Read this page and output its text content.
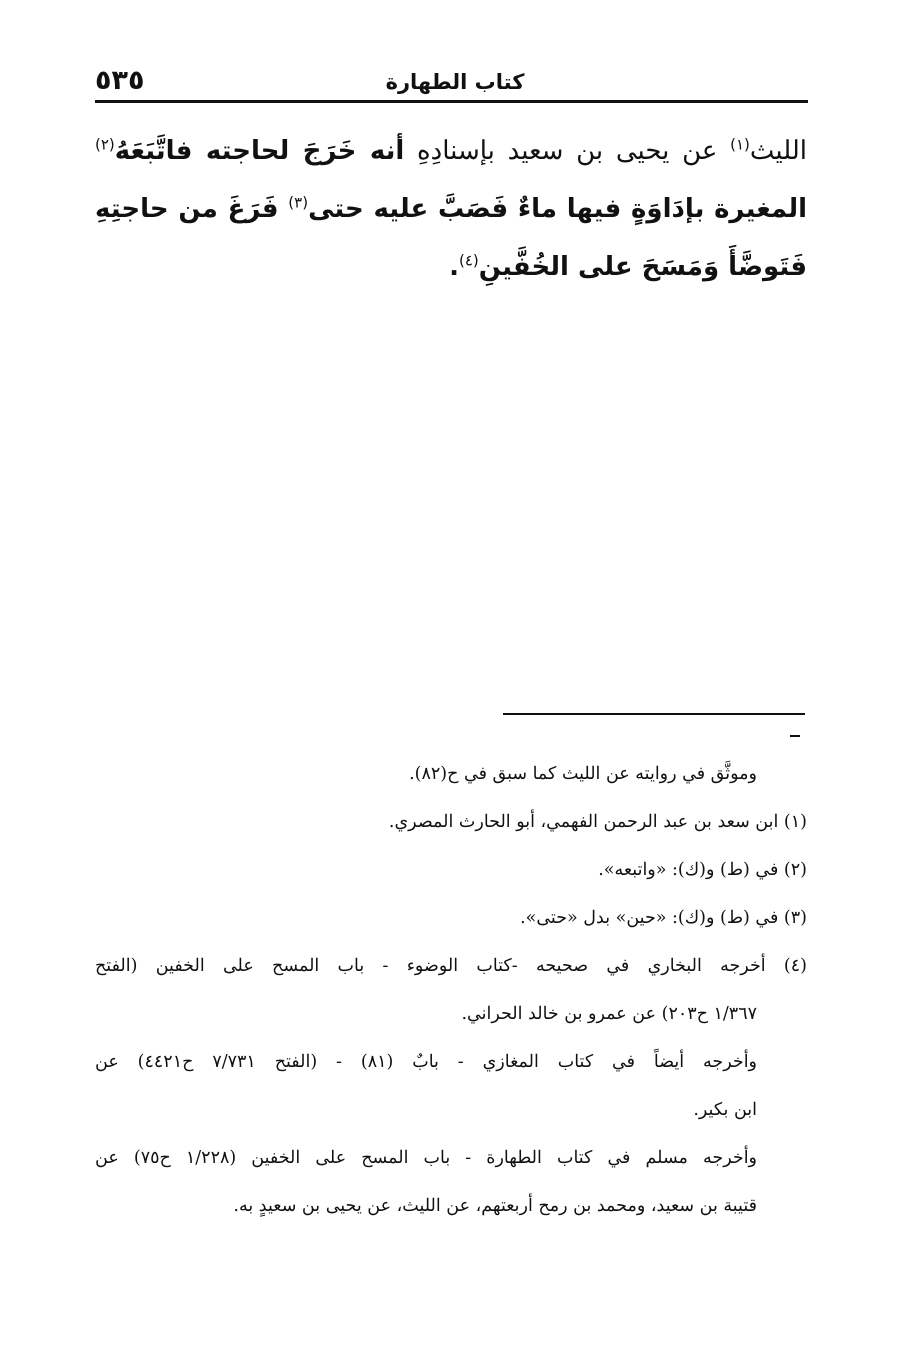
٥٣٥	كتاب الطهارة
الليث$^{(١)}$ عن يحيى بن سعيد بإسنادِهِ أنه خَرَجَ لحاجته فاتَّبَعَهُ$^{(٢)}$ المغيرة بإدَاوَةٍ فيها ماءٌ فَصَبَّ عليه حتى$^{(٣)}$ فَرَغَ من حاجتِهِ فَتَوضَّأَ وَمَسَحَ على الخُفَّينِ$^{(٤)}$.
وموثَّق في روايته عن الليث كما سبق في ح(٨٢).
(١) ابن سعد بن عبد الرحمن الفهمي، أبو الحارث المصري.
(٢) في (ط) و(ك): «واتبعه».
(٣) في (ط) و(ك): «حين» بدل «حتى».
(٤) أخرجه البخاري في صحيحه -كتاب الوضوء - باب المسح على الخفين (الفتح
١/٣٦٧ ح٢٠٣) عن عمرو بن خالد الحراني.
وأخرجه أيضاً في كتاب المغازي - بابٌ (٨١) - (الفتح ٧/٧٣١ ح٤٤٢١) عن
ابن بكير.
وأخرجه مسلم في كتاب الطهارة - باب المسح على الخفين (١/٢٢٨ ح٧٥) عن
قتيبة بن سعيد، ومحمد بن رمح أربعتهم، عن الليث، عن يحيى بن سعيدٍ به.
